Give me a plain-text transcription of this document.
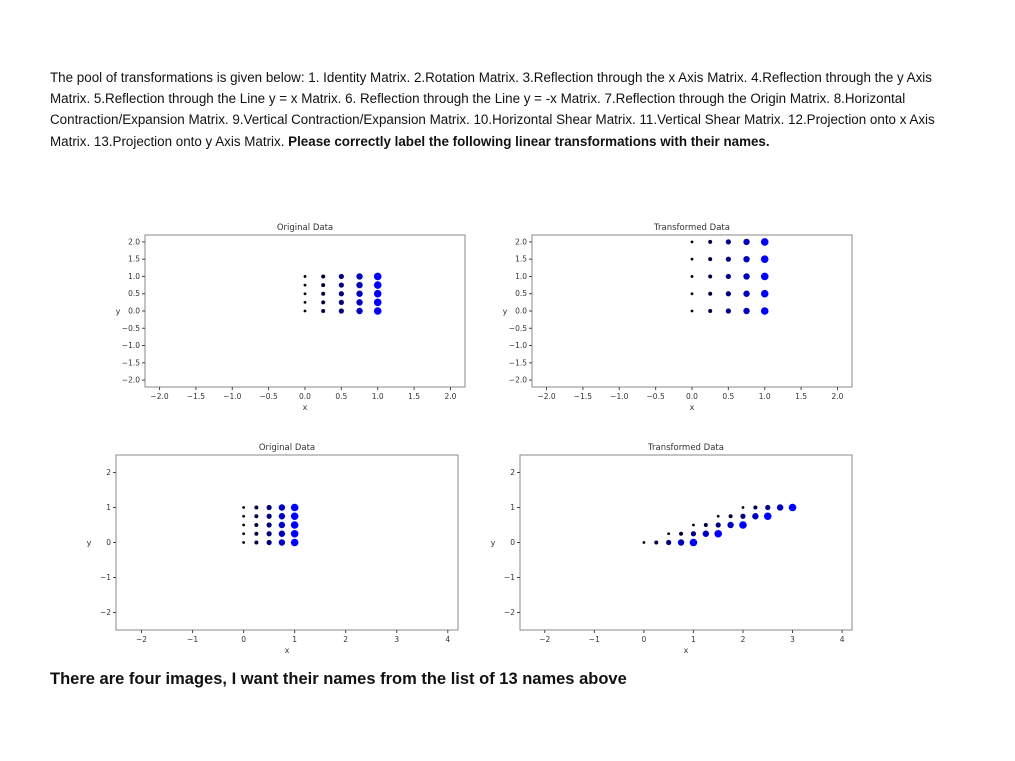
The pool of transformations is given below: 1. Identity Matrix. 2.Rotation Matrix. 3.Reflection through the x Axis Matrix. 4.Reflection through the y Axis Matrix. 5.Reflection through the Line y = x Matrix. 6. Reflection through the Line y = -x Matrix. 7.Reflection through the Origin Matrix. 8.Horizontal Contraction/Expansion Matrix. 9.Vertical Contraction/Expansion Matrix. 10.Horizontal Shear Matrix. 11.Vertical Shear Matrix. 12.Projection onto x Axis Matrix. 13.Projection onto y Axis Matrix. Please correctly label the following linear transformations with their names.

Original Data
−2.0 −1.5 −1.0 −0.5	0.0	0.5	1.0	1.5	2.0
−2.0
−1.5
−1.0
−0.5
0.0
0.5
1.0
1.5
2.0
x
y
Transformed Data
−2.0 −1.5 −1.0 −0.5	0.0	0.5	1.0	1.5	2.0
−2.0
−1.5
−1.0
−0.5
0.0
0.5
1.0
1.5
2.0
x
y
Original Data
−2	−1	0	1	2	3	4
−2
−1
0
1
2
x
y
Transformed Data
−2	−1	0	1	2	3	4
−2
−1
0
1
2
x
y

There are four images, I want their names from the list of 13 names above
